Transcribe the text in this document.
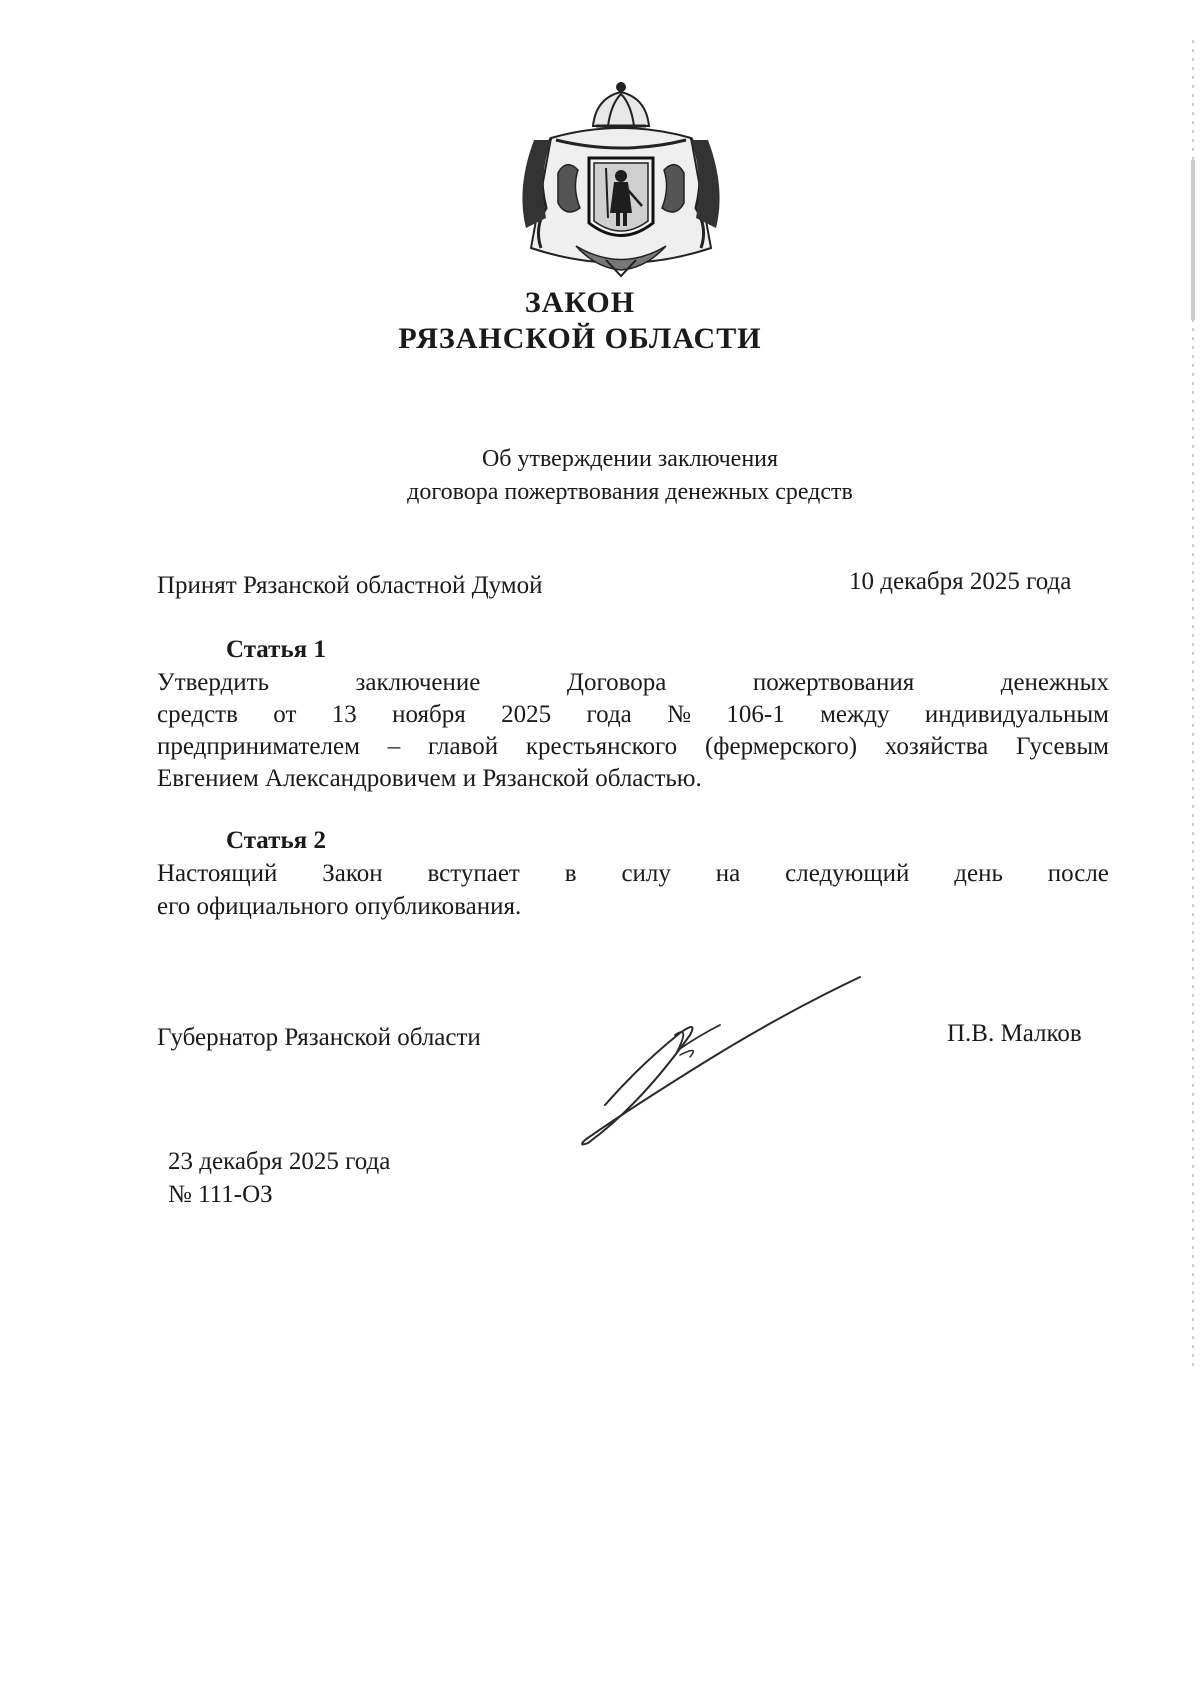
ЗАКОН
РЯЗАНСКОЙ ОБЛАСТИ
Об утверждении заключения
договора пожертвования денежных средств
Принят Рязанской областной Думой	10 декабря 2025 года
Статья 1
Утвердить	заключение	Договора	пожертвования	денежных
средств от 13 ноября 2025 года № 106-1 между индивидуальным
предпринимателем – главой крестьянского (фермерского) хозяйства Гусевым
Евгением Александровичем и Рязанской областью.
Статья 2
Настоящий Закон вступает в силу на следующий день после
его официального опубликования.
Губернатор Рязанской области	П.В. Малков
23 декабря 2025 года
№ 111-ОЗ
